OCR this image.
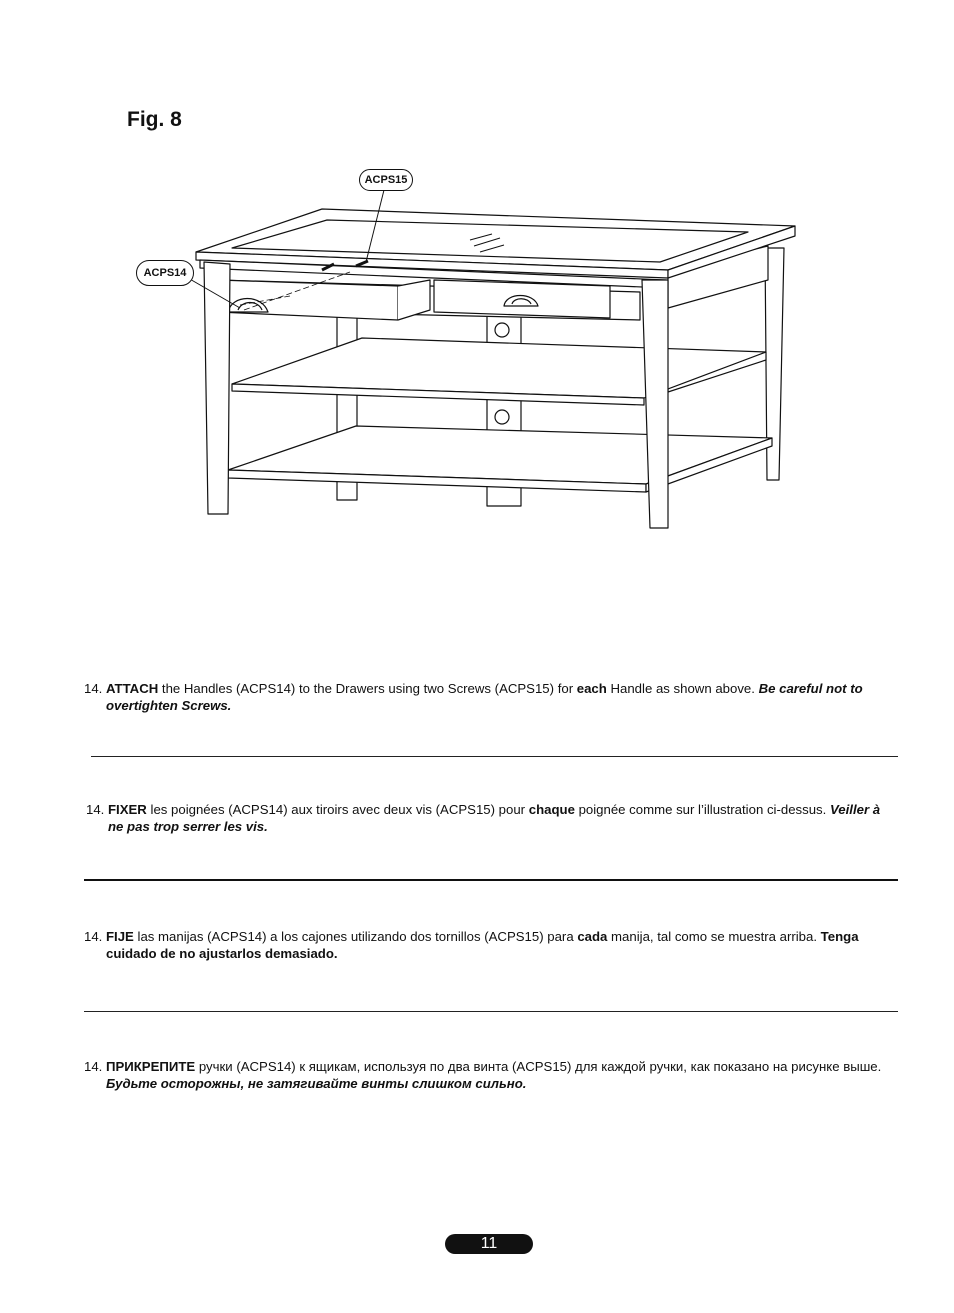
Fig. 8
ACPS15
ACPS14
14. ATTACH the Handles (ACPS14) to the Drawers using two Screws (ACPS15) for each Handle as shown above. Be careful not to overtighten Screws.
14. FIXER les poignées (ACPS14) aux tiroirs avec deux vis (ACPS15) pour chaque poignée comme sur l’illustration ci-dessus. Veiller à ne pas trop serrer les vis.
14. FIJE las manijas (ACPS14) a los cajones utilizando dos tornillos (ACPS15) para cada manija, tal como se muestra arriba. Tenga cuidado de no ajustarlos demasiado.
14. ПРИКРЕПИТЕ ручки (ACPS14) к ящикам, используя по два винта (ACPS15) для каждой ручки, как показано на рисунке выше. Будьте осторожны, не затягивайте винты слишком сильно.
11
